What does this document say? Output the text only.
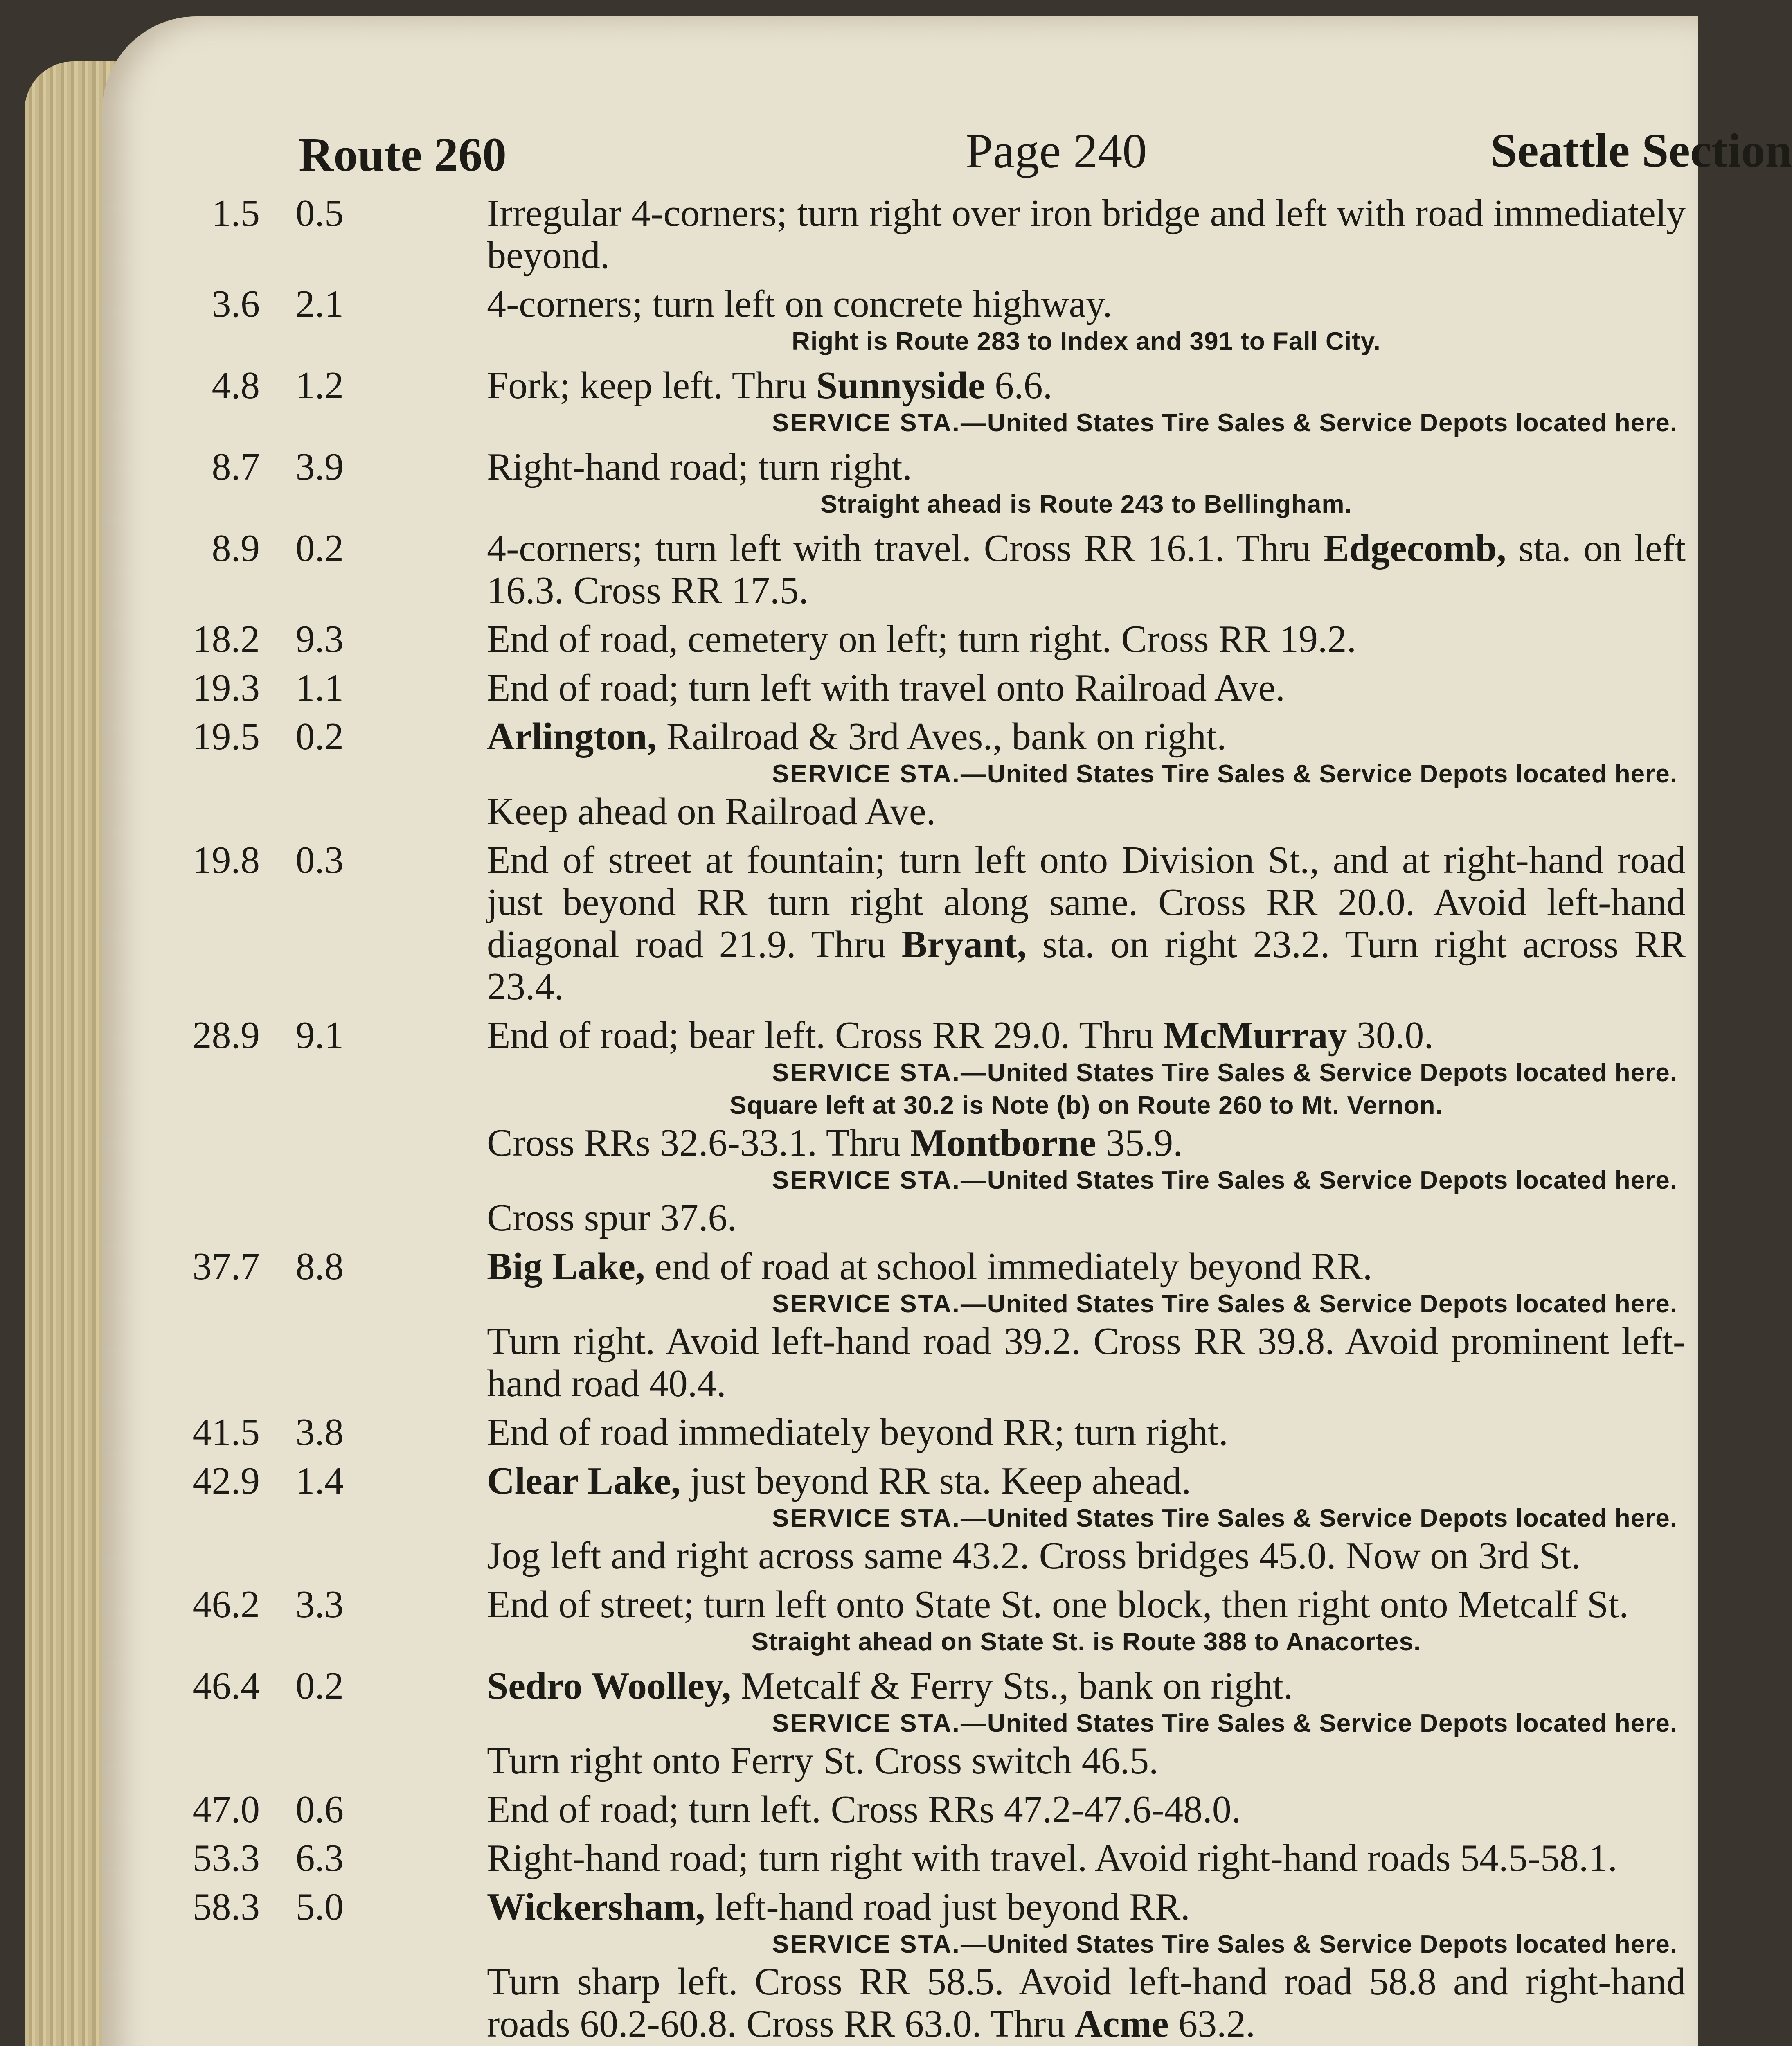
Route 260	Page 240	Seattle Section
1.5 0.5	Irregular 4-corners; turn right over iron bridge and left with road immediately beyond.

3.6 2.1	4-corners; turn left on concrete highway.

Right is Route 283 to Index and 391 to Fall City.
4.8 1.2	Fork; keep left. Thru Sunnyside 6.6.

SERVICE STA.—United States Tire Sales & Service Depots located here.
8.7 3.9	Right-hand road; turn right.

Straight ahead is Route 243 to Bellingham.
8.9 0.2	4-corners; turn left with travel. Cross RR 16.1. Thru Edgecomb, sta. on left 16.3. Cross RR 17.5.

18.2 9.3	End of road, cemetery on left; turn right. Cross RR 19.2.

19.3 1.1	End of road; turn left with travel onto Railroad Ave.

19.5 0.2	Arlington, Railroad & 3rd Aves., bank on right.

SERVICE STA.—United States Tire Sales & Service Depots located here.

Keep ahead on Railroad Ave.

19.8 0.3	End of street at fountain; turn left onto Division St., and at right-hand road just beyond RR turn right along same. Cross RR 20.0. Avoid left-hand diagonal road 21.9. Thru Bryant, sta. on right 23.2. Turn right across RR 23.4.

28.9 9.1	End of road; bear left. Cross RR 29.0. Thru McMurray 30.0.

SERVICE STA.—United States Tire Sales & Service Depots located here.
Square left at 30.2 is Note (b) on Route 260 to Mt. Vernon.

Cross RRs 32.6-33.1. Thru Montborne 35.9.

SERVICE STA.—United States Tire Sales & Service Depots located here.

Cross spur 37.6.

37.7 8.8	Big Lake, end of road at school immediately beyond RR.

SERVICE STA.—United States Tire Sales & Service Depots located here.

Turn right. Avoid left-hand road 39.2. Cross RR 39.8. Avoid prominent left-hand road 40.4.

41.5 3.8	End of road immediately beyond RR; turn right.

42.9 1.4	Clear Lake, just beyond RR sta. Keep ahead.

SERVICE STA.—United States Tire Sales & Service Depots located here.

Jog left and right across same 43.2. Cross bridges 45.0. Now on 3rd St.

46.2 3.3	End of street; turn left onto State St. one block, then right onto Metcalf St.

Straight ahead on State St. is Route 388 to Anacortes.
46.4 0.2	Sedro Woolley, Metcalf & Ferry Sts., bank on right.

SERVICE STA.—United States Tire Sales & Service Depots located here.

Turn right onto Ferry St. Cross switch 46.5.

47.0 0.6	End of road; turn left. Cross RRs 47.2-47.6-48.0.

53.3 6.3	Right-hand road; turn right with travel. Avoid right-hand roads 54.5-58.1.

58.3 5.0	Wickersham, left-hand road just beyond RR.

SERVICE STA.—United States Tire Sales & Service Depots located here.

Turn sharp left. Cross RR 58.5. Avoid left-hand road 58.8 and right-hand roads 60.2-60.8. Cross RR 63.0. Thru Acme 63.2.
